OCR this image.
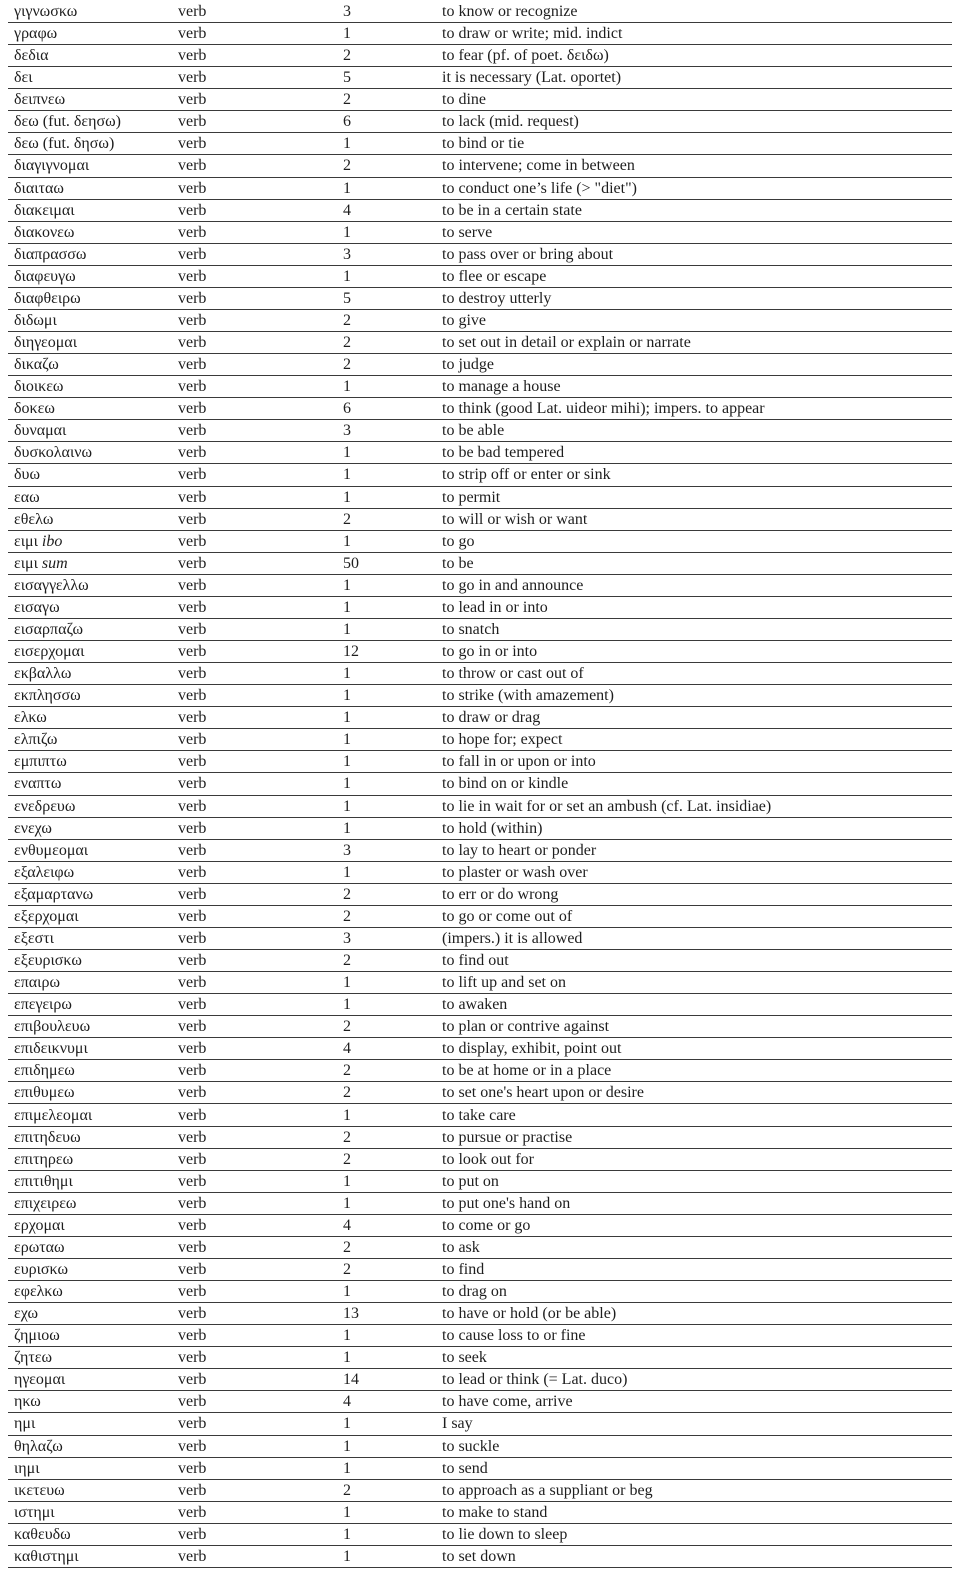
γιγνωσκω	verb	3	to know or recognize
γραφω	verb	1	to draw or write; mid. indict
δεδια	verb	2	to fear (pf. of poet. δειδω)
δει	verb	5	it is necessary (Lat. oportet)
δειπνεω	verb	2	to dine
δεω (fut. δεησω)	verb	6	to lack (mid. request)
δεω (fut. δησω)	verb	1	to bind or tie
διαγιγνομαι	verb	2	to intervene; come in between
διαιταω	verb	1	to conduct one’s life (> "diet")
διακειμαι	verb	4	to be in a certain state
διακονεω	verb	1	to serve
διαπρασσω	verb	3	to pass over or bring about
διαφευγω	verb	1	to flee or escape
διαφθειρω	verb	5	to destroy utterly
διδωμι	verb	2	to give
διηγεομαι	verb	2	to set out in detail or explain or narrate
δικαζω	verb	2	to judge
διοικεω	verb	1	to manage a house
δοκεω	verb	6	to think (good Lat. uideor mihi); impers. to appear
δυναμαι	verb	3	to be able
δυσκολαινω	verb	1	to be bad tempered
δυω	verb	1	to strip off or enter or sink
εαω	verb	1	to permit
εθελω	verb	2	to will or wish or want
ειμι ibo	verb	1	to go
ειμι sum	verb	50	to be
εισαγγελλω	verb	1	to go in and announce
εισαγω	verb	1	to lead in or into
εισαρπαζω	verb	1	to snatch
εισερχομαι	verb	12	to go in or into
εκβαλλω	verb	1	to throw or cast out of
εκπλησσω	verb	1	to strike (with amazement)
ελκω	verb	1	to draw or drag
ελπιζω	verb	1	to hope for; expect
εμπιπτω	verb	1	to fall in or upon or into
εναπτω	verb	1	to bind on or kindle
ενεδρευω	verb	1	to lie in wait for or set an ambush (cf. Lat. insidiae)
ενεχω	verb	1	to hold (within)
ενθυμεομαι	verb	3	to lay to heart or ponder
εξαλειφω	verb	1	to plaster or wash over
εξαμαρτανω	verb	2	to err or do wrong
εξερχομαι	verb	2	to go or come out of
εξεστι	verb	3	(impers.) it is allowed
εξευρισκω	verb	2	to find out
επαιρω	verb	1	to lift up and set on
επεγειρω	verb	1	to awaken
επιβουλευω	verb	2	to plan or contrive against
επιδεικνυμι	verb	4	to display, exhibit, point out
επιδημεω	verb	2	to be at home or in a place
επιθυμεω	verb	2	to set one's heart upon or desire
επιμελεομαι	verb	1	to take care
επιτηδευω	verb	2	to pursue or practise
επιτηρεω	verb	2	to look out for
επιτιθημι	verb	1	to put on
επιχειρεω	verb	1	to put one's hand on
ερχομαι	verb	4	to come or go
ερωταω	verb	2	to ask
ευρισκω	verb	2	to find
εφελκω	verb	1	to drag on
εχω	verb	13	to have or hold (or be able)
ζημιοω	verb	1	to cause loss to or fine
ζητεω	verb	1	to seek
ηγεομαι	verb	14	to lead or think (= Lat. duco)
ηκω	verb	4	to have come, arrive
ημι	verb	1	I say
θηλαζω	verb	1	to suckle
ιημι	verb	1	to send
ικετευω	verb	2	to approach as a suppliant or beg
ιστημι	verb	1	to make to stand
καθευδω	verb	1	to lie down to sleep
καθιστημι	verb	1	to set down
